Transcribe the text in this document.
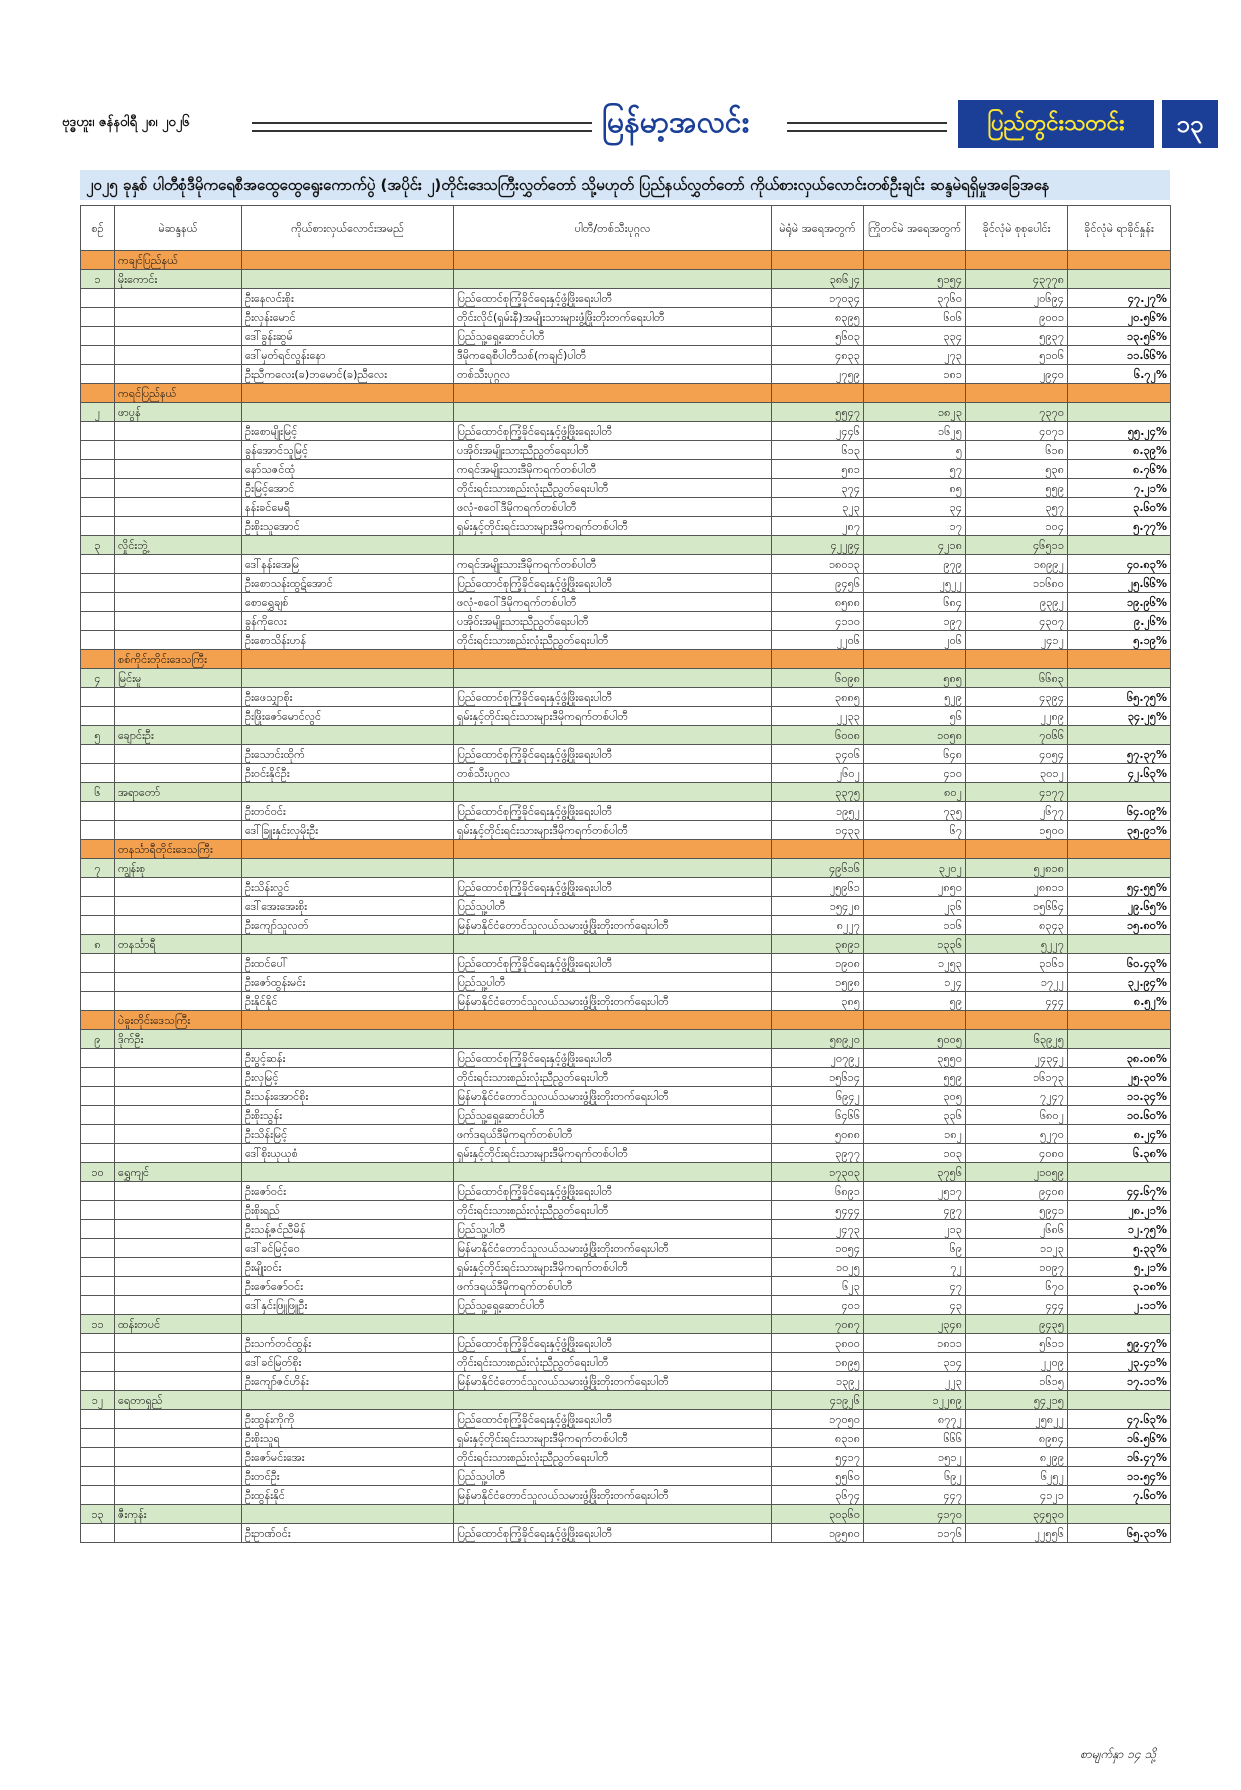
ဗုဒ္ဓဟူး၊ ဇန်နဝါရီ ၂၈၊ ၂၀၂၆	မြန်မာ့အလင်း	ပြည်တွင်းသတင်း	၁၃
၂၀၂၅ ခုနှစ် ပါတီစုံဒီမိုကရေစီအထွေထွေရွေးကောက်ပွဲ (အပိုင်း ၂)တိုင်းဒေသကြီးလွှတ်တော် သို့မဟုတ် ပြည်နယ်လွှတ်တော် ကိုယ်စားလှယ်လောင်းတစ်ဦးချင်း ဆန္ဒမဲရရှိမှုအခြေအနေ
စဉ်	မဲဆန္ဒနယ်	ကိုယ်စားလှယ်လောင်းအမည်	ပါတီ/တစ်သီးပုဂ္ဂလ	မဲရုံမဲ အရေအတွက်	ကြိုတင်မဲ အရေအတွက်	ခိုင်လုံမဲ စုစုပေါင်း	ခိုင်လုံမဲ ရာခိုင်နှုန်း
	ကချင်ပြည်နယ်						
၁	မိုးကောင်း			၃၈၆၂၄	၅၁၅၄	၄၃၇၇၈	
		ဦးနေလင်းစိုး	ပြည်ထောင်စုကြံ့ခိုင်ရေးနှင့်ဖွံ့ဖြိုးရေးပါတီ	၁၇၀၃၄	၃၇၆၀	၂၀၆၉၄	၄၇.၂၇%
		ဦးလှန်းမောင်	တိုင်းလိုင်(ရှမ်းနီ)အမျိုးသားများဖွံ့ဖြိုးတိုးတက်ရေးပါတီ	၈၃၉၅	၆၀၆	၉၀၀၁	၂၀.၅၆%
		ဒေါ်ခွန်းဆွမ်	ပြည်သူ့ရှေ့ဆောင်ပါတီ	၅၆၀၃	၃၃၄	၅၉၃၇	၁၃.၅၆%
		ဒေါ်မှတ်ရင်လွန်းနော	ဒီမိုကရေစီပါတီသစ်(ကချင်)ပါတီ	၄၈၃၃	၂၇၃	၅၁၀၆	၁၁.၆၆%
		ဦးညီကလေး(ခ)ဘမောင်(ခ)ညီလေး	တစ်သီးပုဂ္ဂလ	၂၇၅၉	၁၈၁	၂၉၄၀	၆.၇၂%
	ကရင်ပြည်နယ်						
၂	ဖာပွန်			၅၅၄၇	၁၈၂၃	၇၃၇၀	
		ဦးစောမျိုးမြင့်	ပြည်ထောင်စုကြံ့ခိုင်ရေးနှင့်ဖွံ့ဖြိုးရေးပါတီ	၂၄၄၆	၁၆၂၅	၄၀၇၁	၅၅.၂၄%
		ခွန်အောင်သူမြင့်	ပအိုဝ်းအမျိုးသားညီညွတ်ရေးပါတီ	၆၁၃	၅	၆၁၈	၈.၃၉%
		နော်သဇင်ထုံ	ကရင်အမျိုးသားဒီမိုကရက်တစ်ပါတီ	၅၈၁	၅၇	၅၃၈	၈.၇၆%
		ဦးမြင့်အောင်	တိုင်းရင်းသားစည်းလုံးညီညွတ်ရေးပါတီ	၃၇၄	၈၅	၅၅၉	၇.၂၁%
		နန်းခင်မေရီ	ဖလုံ-စဝေါ်ဒီမိုကရက်တစ်ပါတီ	၃၂၃	၃၄	၃၅၇	၃.၆၀%
		ဦးစိုးသူအောင်	ရှမ်းနှင့်တိုင်းရင်းသားများဒီမိုကရက်တစ်ပါတီ	၂၈၇	၁၇	၁၀၄	၅.၇၇%
၃	လှိုင်းဘွဲ့			၄၂၂၉၄	၄၂၁၈	၄၆၅၁၁	
		ဒေါ်နန်းအေမြ	ကရင်အမျိုးသားဒီမိုကရက်တစ်ပါတီ	၁၈၀၁၃	၉၇၉	၁၈၉၉၂	၄၀.၈၃%
		ဦးစောသန်းထွဋ်အောင်	ပြည်ထောင်စုကြံ့ခိုင်ရေးနှင့်ဖွံ့ဖြိုးရေးပါတီ	၉၄၅၆	၂၅၂၂	၁၁၆၈၀	၂၅.၆၆%
		စောရွှေချစ်	ဖလုံ-စဝေါ်ဒီမိုကရက်တစ်ပါတီ	၈၅၈၈	၆၈၄	၉၃၉၂	၁၉.၉၆%
		ခွန်ကိုလေး	ပအိုဝ်းအမျိုးသားညီညွတ်ရေးပါတီ	၄၁၁၀	၁၉၇	၄၃၀၇	၉.၂၆%
		ဦးစောသိန်းဟန်	တိုင်းရင်းသားစည်းလုံးညီညွတ်ရေးပါတီ	၂၂၀၆	၂၀၆	၂၄၁၂	၅.၁၉%
	စစ်ကိုင်းတိုင်းဒေသကြီး						
၄	မြင်းမူ			၆၀၉၈	၅၈၅	၆၆၈၃	
		ဦးဖေသျှာစိုး	ပြည်ထောင်စုကြံ့ခိုင်ရေးနှင့်ဖွံ့ဖြိုးရေးပါတီ	၃၈၈၅	၅၂၉	၄၃၉၄	၆၅.၇၅%
		ဦးဖြိုးဇော်မောင်လွင်	ရှမ်းနှင့်တိုင်းရင်းသားများဒီမိုကရက်တစ်ပါတီ	၂၂၃၃	၅၆	၂၂၈၉	၃၄.၂၅%
၅	ချောင်းဦး			၆၀၀၈	၁၀၅၈	၇၀၆၆	
		ဦးသောင်းထိုက်	ပြည်ထောင်စုကြံ့ခိုင်ရေးနှင့်ဖွံ့ဖြိုးရေးပါတီ	၃၄၀၆	၆၄၈	၄၀၅၄	၅၇.၃၇%
		ဦးဝင်းနိုင်ဦး	တစ်သီးပုဂ္ဂလ	၂၆၀၂	၄၁၀	၃၀၁၂	၄၂.၆၃%
၆	အရာတော်			၃၃၇၅	၈၀၂	၄၁၇၇	
		ဦးတင်ဝင်း	ပြည်ထောင်စုကြံ့ခိုင်ရေးနှင့်ဖွံ့ဖြိုးရေးပါတီ	၁၉၅၂	၇၃၅	၂၆၇၇	၆၄.၀၉%
		ဒေါ်ခြူးနှင်းလှမိုးဦး	ရှမ်းနှင့်တိုင်းရင်းသားများဒီမိုကရက်တစ်ပါတီ	၁၄၃၃	၆၇	၁၅၀၀	၃၅.၉၁%
	တနင်္သာရီတိုင်းဒေသကြီး						
၇	ကျွန်းစု			၄၉၆၁၆	၃၂၀၂	၅၂၈၁၈	
		ဦးသိန်းလွင်	ပြည်ထောင်စုကြံ့ခိုင်ရေးနှင့်ဖွံ့ဖြိုးရေးပါတီ	၂၅၉၆၁	၂၈၅၀	၂၈၈၁၁	၅၄.၅၅%
		ဒေါ်အေးအေးစိုး	ပြည်သူ့ပါတီ	၁၅၄၂၈	၂၃၆	၁၅၆၆၄	၂၉.၆၅%
		ဦးကျော်သူလတ်	မြန်မာနိုင်ငံတောင်သူလယ်သမားဖွံ့ဖြိုးတိုးတက်ရေးပါတီ	၈၂၂၇	၁၁၆	၈၃၄၃	၁၅.၈၀%
၈	တနင်္သာရီ			၃၈၉၁	၁၃၃၆	၅၂၂၇	
		ဦးထင်ပေါ်	ပြည်ထောင်စုကြံ့ခိုင်ရေးနှင့်ဖွံ့ဖြိုးရေးပါတီ	၁၉၀၈	၁၂၅၃	၃၁၆၁	၆၀.၄၃%
		ဦးဇော်ထွန်းမင်း	ပြည်သူ့ပါတီ	၁၅၉၈	၁၂၄	၁၇၂၂	၃၂.၉၄%
		ဦးနိုင်နိုင်	မြန်မာနိုင်ငံတောင်သူလယ်သမားဖွံ့ဖြိုးတိုးတက်ရေးပါတီ	၃၈၅	၅၉	၄၄၄	၈.၅၂%
	ပဲခူးတိုင်းဒေသကြီး						
၉	ဒိုက်ဦး			၅၈၉၂၀	၅၀၀၅	၆၃၉၂၅	
		ဦးပွင့်ဆန်း	ပြည်ထောင်စုကြံ့ခိုင်ရေးနှင့်ဖွံ့ဖြိုးရေးပါတီ	၂၀၇၉၂	၃၅၅၀	၂၄၃၄၂	၃၈.၀၈%
		ဦးလှမြင့်	တိုင်းရင်းသားစည်းလုံးညီညွတ်ရေးပါတီ	၁၅၆၁၄	၅၅၉	၁၆၁၇၃	၂၅.၃၀%
		ဦးသန်းအောင်စိုး	မြန်မာနိုင်ငံတောင်သူလယ်သမားဖွံ့ဖြိုးတိုးတက်ရေးပါတီ	၆၉၄၂	၃၀၅	၇၂၄၇	၁၁.၃၄%
		ဦးစိုးသွန်း	ပြည်သူ့ရှေ့ဆောင်ပါတီ	၆၄၆၆	၃၃၆	၆၈၀၂	၁၀.၆၀%
		ဦးသိန်းမြင့်	ဖက်ဒရယ်ဒီမိုကရက်တစ်ပါတီ	၅၀၈၈	၁၈၂	၅၂၇၀	၈.၂၄%
		ဒေါ်စိုးယုယုစံ	ရှမ်းနှင့်တိုင်းရင်းသားများဒီမိုကရက်တစ်ပါတီ	၃၉၇၇	၁၀၃	၄၀၈၀	၆.၃၈%
၁၀	ရွှေကျင်			၁၇၃၀၃	၃၇၅၆	၂၁၀၅၉	
		ဦးဇော်ဝင်း	ပြည်ထောင်စုကြံ့ခိုင်ရေးနှင့်ဖွံ့ဖြိုးရေးပါတီ	၆၈၉၁	၂၅၁၇	၉၄၀၈	၄၄.၆၇%
		ဦးစိုးရည်	တိုင်းရင်းသားစည်းလုံးညီညွတ်ရေးပါတီ	၅၄၄၄	၄၉၇	၅၉၄၁	၂၈.၂၁%
		ဦးသန့်ဇင်ညီမိန်	ပြည်သူ့ပါတီ	၂၄၇၃	၂၁၃	၂၆၈၆	၁၂.၇၅%
		ဒေါ်ခင်မြင့်ဝေ	မြန်မာနိုင်ငံတောင်သူလယ်သမားဖွံ့ဖြိုးတိုးတက်ရေးပါတီ	၁၀၅၄	၆၉	၁၁၂၃	၅.၃၃%
		ဦးမျိုးဝင်း	ရှမ်းနှင့်တိုင်းရင်းသားများဒီမိုကရက်တစ်ပါတီ	၁၀၂၅	၇၂	၁၀၉၇	၅.၂၁%
		ဦးဇော်ဇော်ဝင်း	ဖက်ဒရယ်ဒီမိုကရက်တစ်ပါတီ	၆၂၃	၄၇	၆၇၀	၃.၁၈%
		ဒေါ်နှင်းဖြူဖြူဦး	ပြည်သူ့ရှေ့ဆောင်ပါတီ	၄၀၁	၄၃	၄၄၄	၂.၁၁%
၁၁	ထန်းတပင်			၇၀၈၇	၂၃၄၈	၉၄၃၅	
		ဦးသက်တင်ထွန်း	ပြည်ထောင်စုကြံ့ခိုင်ရေးနှင့်ဖွံ့ဖြိုးရေးပါတီ	၃၈၀၀	၁၈၁၁	၅၆၁၁	၅၉.၄၇%
		ဒေါ်ခင်မြတ်စိုး	တိုင်းရင်းသားစည်းလုံးညီညွတ်ရေးပါတီ	၁၈၉၅	၃၁၄	၂၂၀၉	၂၃.၄၁%
		ဦးကျော်ဇင်ဟိန်း	မြန်မာနိုင်ငံတောင်သူလယ်သမားဖွံ့ဖြိုးတိုးတက်ရေးပါတီ	၁၃၉၂	၂၂၃	၁၆၁၅	၁၇.၁၁%
၁၂	ရေတာရှည်			၄၁၉၂၆	၁၂၂၈၉	၅၄၂၁၅	
		ဦးထွန်းကိုကို	ပြည်ထောင်စုကြံ့ခိုင်ရေးနှင့်ဖွံ့ဖြိုးရေးပါတီ	၁၇၀၅၀	၈၇၇၂	၂၅၈၂၂	၄၇.၆၃%
		ဦးစိုးသူရ	ရှမ်းနှင့်တိုင်းရင်းသားများဒီမိုကရက်တစ်ပါတီ	၈၃၁၈	၆၆၆	၈၉၈၄	၁၆.၅၆%
		ဦးဇော်မင်းအေး	တိုင်းရင်းသားစည်းလုံးညီညွတ်ရေးပါတီ	၅၄၁၇	၁၅၁၂	၈၂၉၉	၁၆.၄၇%
		ဦးတင်ဦး	ပြည်သူ့ပါတီ	၅၅၆၀	၆၉၂	၆၂၅၂	၁၁.၅၄%
		ဦးထွန်းနိုင်	မြန်မာနိုင်ငံတောင်သူလယ်သမားဖွံ့ဖြိုးတိုးတက်ရေးပါတီ	၃၆၇၄	၄၄၇	၄၁၂၁	၇.၆၀%
၁၃	ဇီးကုန်း			၃၀၃၆၀	၄၁၇၀	၃၄၅၃၀	
		ဦးဥာဏ်ဝင်း	ပြည်ထောင်စုကြံ့ခိုင်ရေးနှင့်ဖွံ့ဖြိုးရေးပါတီ	၁၉၅၈၀	၁၁၇၆	၂၂၅၅၆	၆၅.၃၁%
စာမျက်နှာ ၁၄ သို့
